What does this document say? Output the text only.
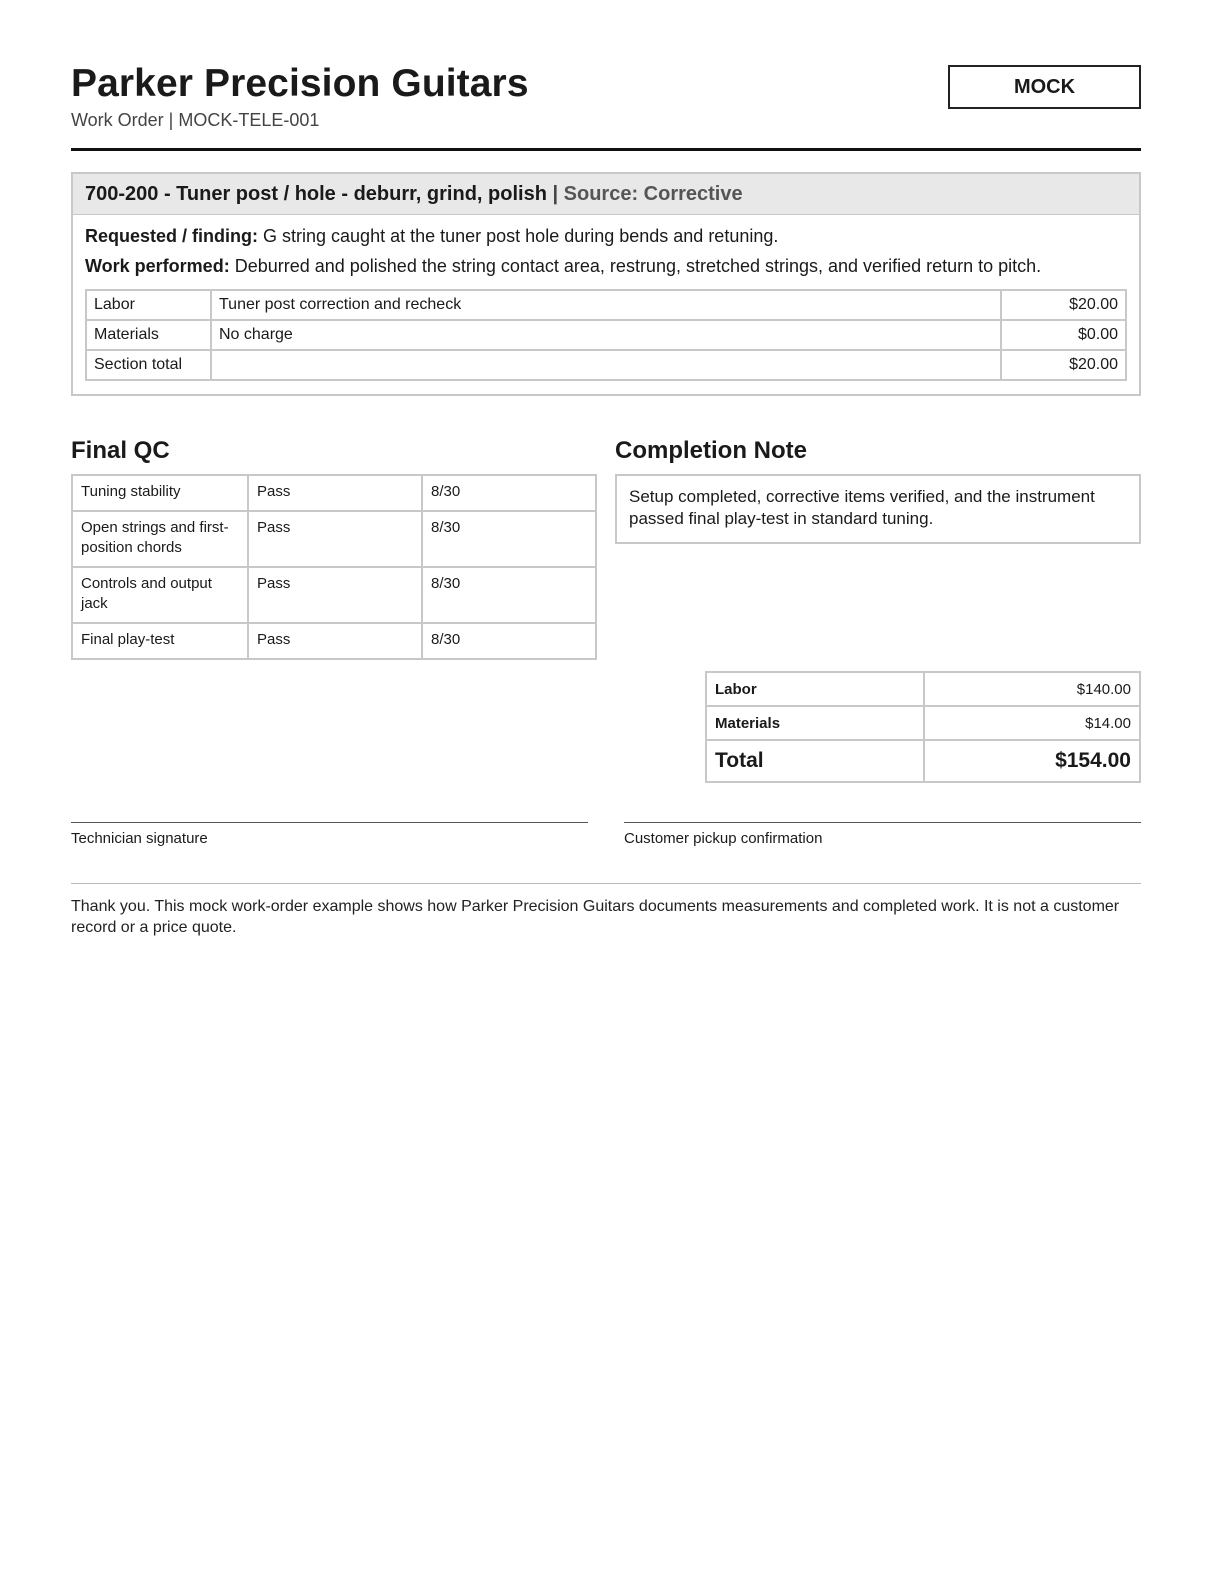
Parker Precision Guitars
Work Order | MOCK-TELE-001
MOCK
700-200 - Tuner post / hole - deburr, grind, polish | Source: Corrective
Requested / finding: G string caught at the tuner post hole during bends and retuning.
Work performed: Deburred and polished the string contact area, restrung, stretched strings, and verified return to pitch.
Labor	Tuner post correction and recheck	$20.00
Materials	No charge	$0.00
Section total		$20.00
Final QC
Tuning stability	Pass	8/30
Open strings and first-position chords	Pass	8/30
Controls and output jack	Pass	8/30
Final play-test	Pass	8/30
Completion Note
Setup completed, corrective items verified, and the instrument passed final play-test in standard tuning.
Labor	$140.00
Materials	$14.00
Total	$154.00
Technician signature	Customer pickup confirmation
Thank you. This mock work-order example shows how Parker Precision Guitars documents measurements and completed work. It is not a customer record or a price quote.
